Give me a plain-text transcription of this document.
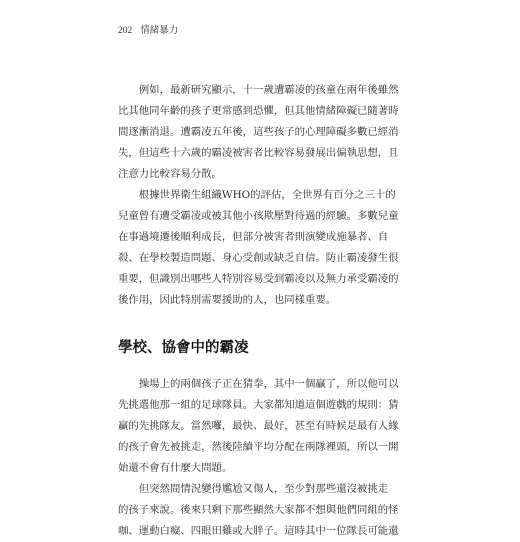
202 情緒暴力
　　例如，最新研究顯示，十一歲遭霸凌的孩童在兩年後雖然
比其他同年齡的孩子更常感到恐懼，但其他情緒障礙已隨著時
間逐漸消退。遭霸凌五年後，這些孩子的心理障礙多數已經消
失，但這些十六歲的霸凌被害者比較容易發展出偏執思想，且
注意力比較容易分散。
　　根據世界衛生組織WHO的評估，全世界有百分之三十的
兒童曾有遭受霸凌或被其他小孩欺壓對待過的經驗。多數兒童
在事過境遷後順利成長，但部分被害者則演變成施暴者、自
殺、在學校製造問題、身心受創或缺乏自信。防止霸凌發生很
重要，但識別出哪些人特別容易受到霸凌以及無力承受霸凌的
後作用，因此特別需要援助的人，也同樣重要。
學校、協會中的霸凌
　　操場上的兩個孩子正在猜拳，其中一個贏了，所以他可以
先挑選他那一組的足球隊員。大家都知道這個遊戲的規則：猜
贏的先挑隊友。當然囉，最快、最好，甚至有時候是最有人緣
的孩子會先被挑走，然後陸續平均分配在兩隊裡頭，所以一開
始還不會有什麼大問題。
　　但突然間情況變得尷尬又傷人，至少對那些還沒被挑走
的孩子來說。後來只剩下那些顯然大家都不想與他們同組的怪
咖、運動白癡、四眼田雞或大胖子。這時其中一位隊長可能還
